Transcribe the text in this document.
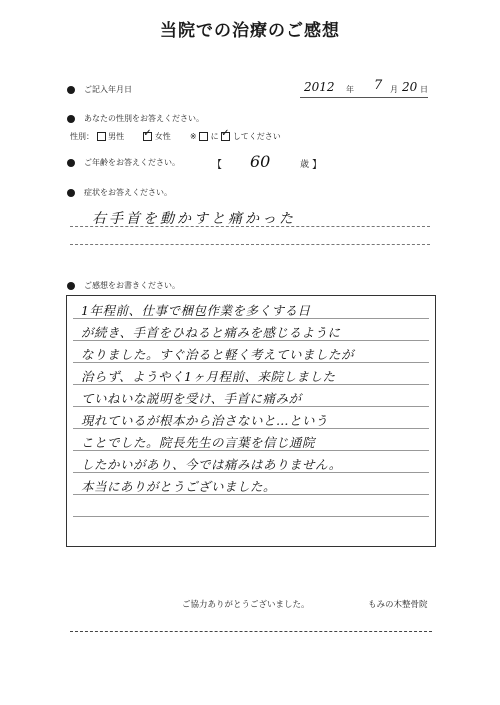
当院での治療のご感想
ご記入年月日	2012 年 7 月 20 日
あなたの性別をお答えください。
性別： 男性 ✓	女性 ※ に ✓ してください
ご年齢をお答えください。	【 60	歳 】
症状をお答えください。
右手首を動かすと痛かった
ご感想をお書きください。
1年程前、仕事で梱包作業を多くする日
が続き、手首をひねると痛みを感じるように
なりました。すぐ治ると軽く考えていましたが
治らず、ようやく1ヶ月程前、来院しました
ていねいな説明を受け、手首に痛みが
現れているが根本から治さないと…という
ことでした。院長先生の言葉を信じ通院
したかいがあり、今では痛みはありません。
本当にありがとうございました。
ご協力ありがとうございました。	もみの木整骨院
